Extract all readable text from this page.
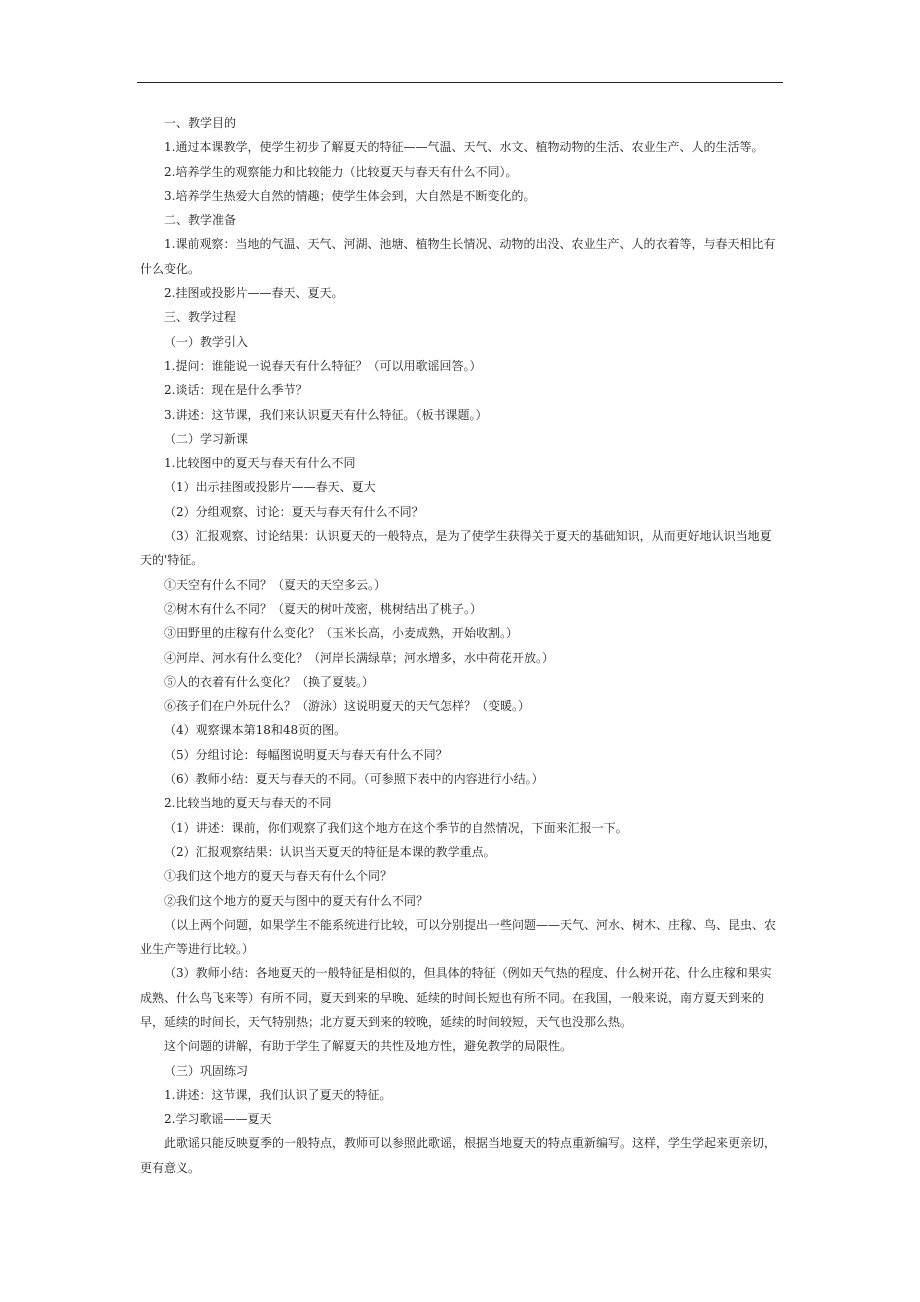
一、教学目的

1.通过本课教学，使学生初步了解夏天的特征——气温、天气、水文、植物动物的生活、农业生产、人的生活等。

2.培养学生的观察能力和比较能力（比较夏天与春天有什么不同）。

3.培养学生热爱大自然的情趣；使学生体会到，大自然是不断变化的。

二、教学准备

1.课前观察：当地的气温、天气、河湖、池塘、植物生长情况、动物的出没、农业生产、人的衣着等，与春天相比有什么变化。

2.挂图或投影片——春天、夏天。

三、教学过程

（一）教学引入

1.提问：谁能说一说春天有什么特征？（可以用歌谣回答。）

2.谈话：现在是什么季节？

3.讲述：这节课，我们来认识夏天有什么特征。（板书课题。）

（二）学习新课

1.比较图中的夏天与春天有什么不同

（1）出示挂图或投影片——春天、夏大

（2）分组观察、讨论：夏天与春天有什么不同？

（3）汇报观察、讨论结果：认识夏天的一般特点，是为了使学生获得关于夏天的基础知识，从而更好地认识当地夏天的'特征。

①天空有什么不同？（夏天的天空多云。）

②树木有什么不同？（夏天的树叶茂密，桃树结出了桃子。）

③田野里的庄稼有什么变化？（玉米长高，小麦成熟，开始收割。）

④河岸、河水有什么变化？（河岸长满绿草；河水增多，水中荷花开放。）

⑤人的衣着有什么变化？（换了夏装。）

⑥孩子们在户外玩什么？（游泳）这说明夏天的天气怎样？（变暖。）

（4）观察课本第18和48页的图。

（5）分组讨论：每幅图说明夏天与春天有什么不同？

（6）教师小结：夏天与春天的不同。（可参照下表中的内容进行小结。）

2.比较当地的夏天与春天的不同

（1）讲述：课前，你们观察了我们这个地方在这个季节的自然情况，下面来汇报一下。

（2）汇报观察结果：认识当天夏天的特征是本课的教学重点。

①我们这个地方的夏天与春天有什么个同？

②我们这个地方的夏天与图中的夏天有什么不同？

（以上两个问题，如果学生不能系统进行比较，可以分别提出一些问题——天气、河水、树木、庄稼、鸟、昆虫、农业生产等进行比较。）

（3）教师小结：各地夏天的一般特征是相似的，但具体的特征（例如天气热的程度、什么树开花、什么庄稼和果实成熟、什么鸟飞来等）有所不同，夏天到来的早晚、延续的时间长短也有所不同。在我国，一般来说，南方夏天到来的早，延续的时间长，天气特别热；北方夏天到来的较晚，延续的时间较短，天气也没那么热。

这个问题的讲解，有助于学生了解夏天的共性及地方性，避免教学的局限性。

（三）巩固练习

1.讲述：这节课，我们认识了夏天的特征。

2.学习歌谣——夏天

此歌谣只能反映夏季的一般特点，教师可以参照此歌谣，根据当地夏天的特点重新编写。这样，学生学起来更亲切，更有意义。
